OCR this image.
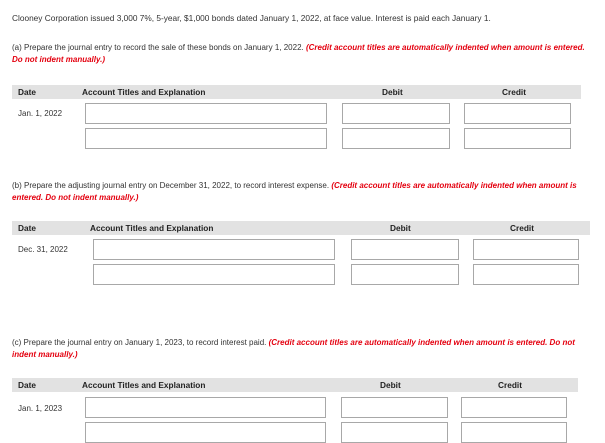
Clooney Corporation issued 3,000 7%, 5-year, $1,000 bonds dated January 1, 2022, at face value. Interest is paid each January 1.
(a) Prepare the journal entry to record the sale of these bonds on January 1, 2022. (Credit account titles are automatically indented when amount is entered. Do not indent manually.)
Date	Account Titles and Explanation	Debit	Credit
Jan. 1, 2022
(b) Prepare the adjusting journal entry on December 31, 2022, to record interest expense. (Credit account titles are automatically indented when amount is entered. Do not indent manually.)
Date	Account Titles and Explanation	Debit	Credit
Dec. 31, 2022
(c) Prepare the journal entry on January 1, 2023, to record interest paid. (Credit account titles are automatically indented when amount is entered. Do not indent manually.)
Date	Account Titles and Explanation	Debit	Credit
Jan. 1, 2023
